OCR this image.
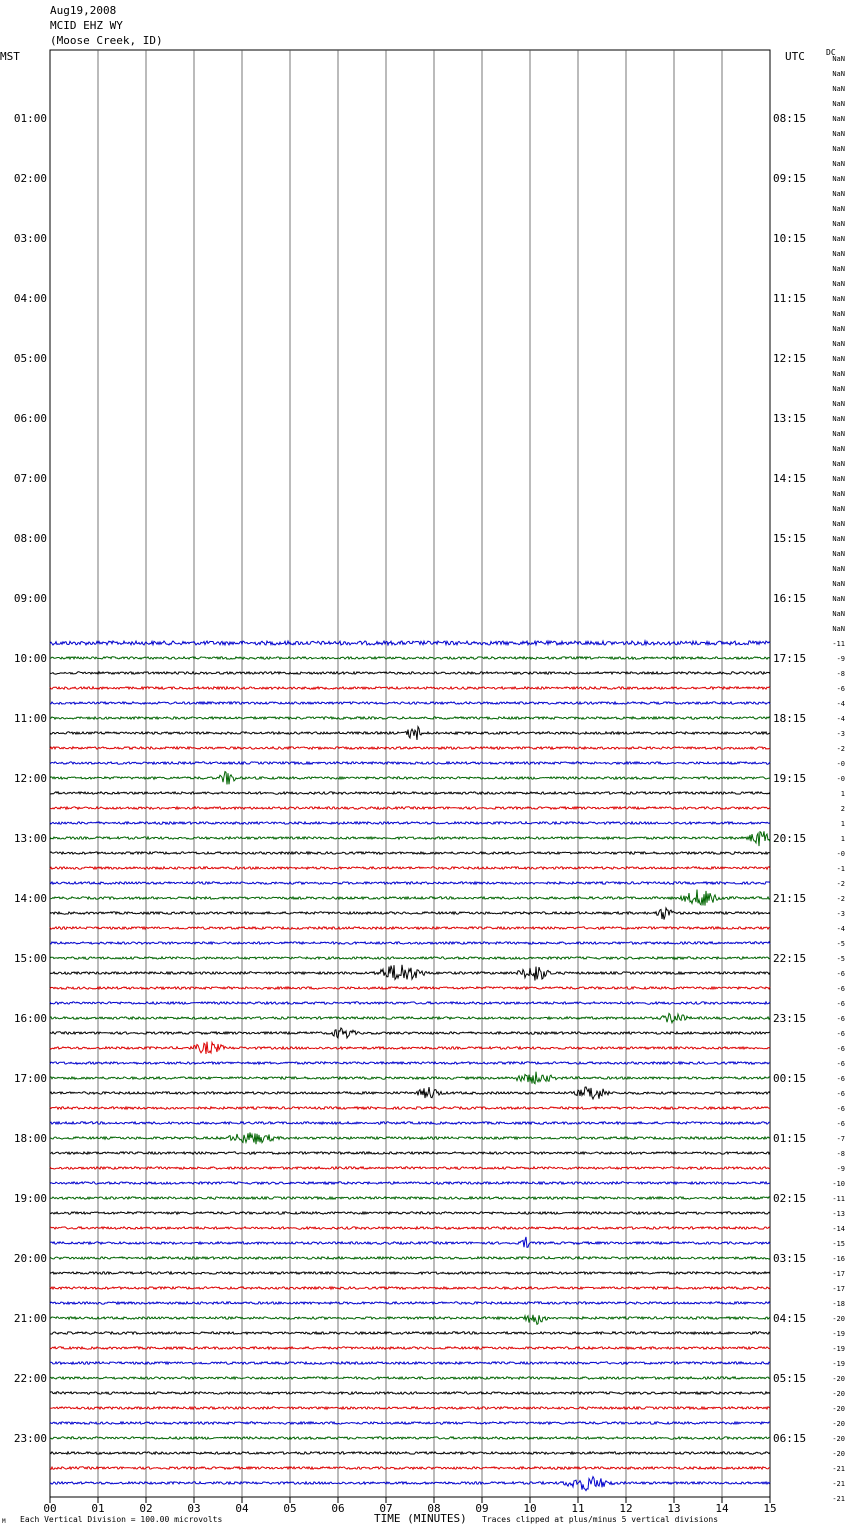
Aug19,2008
MCID EHZ WY
(Moose Creek, ID)
MST	UTC	DC
00	01	02	03	04	05	06	07	08	09	10	11	12	13	14	15
01:00
02:00
03:00
04:00
05:00
06:00
07:00
08:00
09:00
10:00
11:00
12:00
13:00
14:00
15:00
16:00
17:00
18:00
19:00
20:00
21:00
22:00
23:00
08:15
09:15
10:15
11:15
12:15
13:15
14:15
15:15
16:15
17:15
18:15
19:15
20:15
21:15
22:15
23:15
00:15
01:15
02:15
03:15
04:15
05:15
06:15
NaN
NaN
NaN
NaN
NaN
NaN
NaN
NaN
NaN
NaN
NaN
NaN
NaN
NaN
NaN
NaN
NaN
NaN
NaN
NaN
NaN
NaN
NaN
NaN
NaN
NaN
NaN
NaN
NaN
NaN
NaN
NaN
NaN
NaN
NaN
NaN
NaN
NaN
NaN
-11
-9
-8
-6
-4
-4
-3
-2
-0
-0
1
2
1
1
-0
-1
-2
-2
-3
-4
-5
-5
-6
-6
-6
-6
-6
-6
-6
-6
-6
-6
-6
-7
-8
-9
-10
-11
-13
-14
-15
-16
-17
-17
-18
-20
-19
-19
-19
-20
-20
-20
-20
-20
-20
-21
-21
-21
TIME (MINUTES)
M Each Vertical Division = 100.00 microvolts	Traces clipped at plus/minus 5 vertical divisions
